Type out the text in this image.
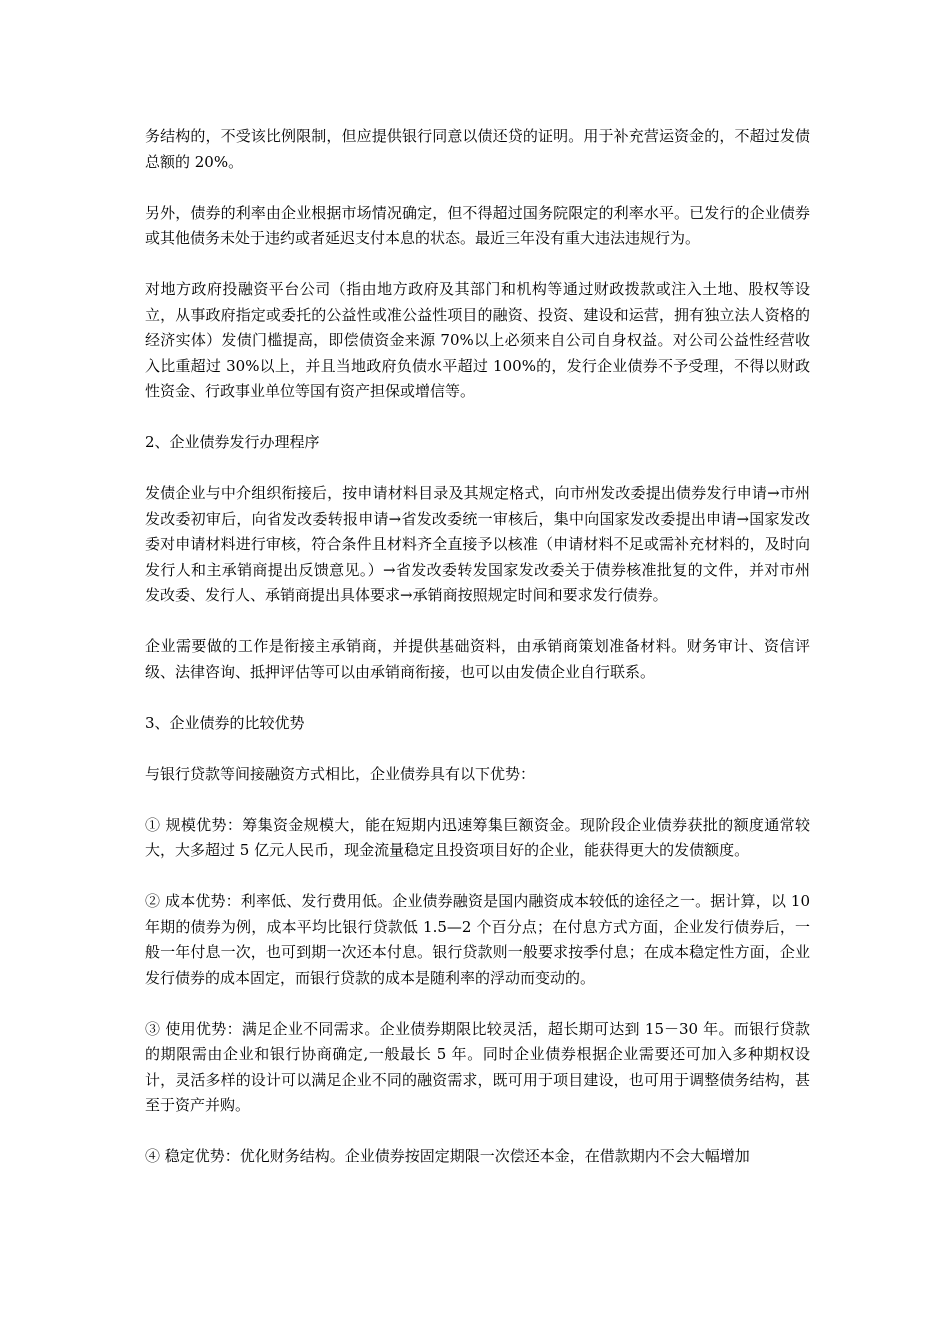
务结构的，不受该比例限制，但应提供银行同意以债还贷的证明。用于补充营运资金的，不超过发债总额的 20%。

另外，债券的利率由企业根据市场情况确定，但不得超过国务院限定的利率水平。已发行的企业债券或其他债务未处于违约或者延迟支付本息的状态。最近三年没有重大违法违规行为。

对地方政府投融资平台公司（指由地方政府及其部门和机构等通过财政拨款或注入土地、股权等设立，从事政府指定或委托的公益性或准公益性项目的融资、投资、建设和运营，拥有独立法人资格的经济实体）发债门槛提高，即偿债资金来源 70%以上必须来自公司自身权益。对公司公益性经营收入比重超过 30%以上，并且当地政府负债水平超过 100%的，发行企业债券不予受理，不得以财政性资金、行政事业单位等国有资产担保或增信等。

2、企业债券发行办理程序

发债企业与中介组织衔接后，按申请材料目录及其规定格式，向市州发改委提出债券发行申请→市州发改委初审后，向省发改委转报申请→省发改委统一审核后，集中向国家发改委提出申请→国家发改委对申请材料进行审核，符合条件且材料齐全直接予以核准（申请材料不足或需补充材料的，及时向发行人和主承销商提出反馈意见。）→省发改委转发国家发改委关于债券核准批复的文件，并对市州发改委、发行人、承销商提出具体要求→承销商按照规定时间和要求发行债券。

企业需要做的工作是衔接主承销商，并提供基础资料，由承销商策划准备材料。财务审计、资信评级、法律咨询、抵押评估等可以由承销商衔接，也可以由发债企业自行联系。

3、企业债券的比较优势

与银行贷款等间接融资方式相比，企业债券具有以下优势：

① 规模优势：筹集资金规模大，能在短期内迅速筹集巨额资金。现阶段企业债券获批的额度通常较大，大多超过 5 亿元人民币，现金流量稳定且投资项目好的企业，能获得更大的发债额度。

② 成本优势：利率低、发行费用低。企业债券融资是国内融资成本较低的途径之一。据计算，以 10 年期的债券为例，成本平均比银行贷款低 1.5—2 个百分点；在付息方式方面，企业发行债券后，一般一年付息一次，也可到期一次还本付息。银行贷款则一般要求按季付息；在成本稳定性方面，企业发行债券的成本固定，而银行贷款的成本是随利率的浮动而变动的。

③ 使用优势：满足企业不同需求。企业债券期限比较灵活，超长期可达到 15－30 年。而银行贷款的期限需由企业和银行协商确定,一般最长 5 年。同时企业债券根据企业需要还可加入多种期权设计，灵活多样的设计可以满足企业不同的融资需求，既可用于项目建设，也可用于调整债务结构，甚至于资产并购。

④ 稳定优势：优化财务结构。企业债券按固定期限一次偿还本金，在借款期内不会大幅增加
